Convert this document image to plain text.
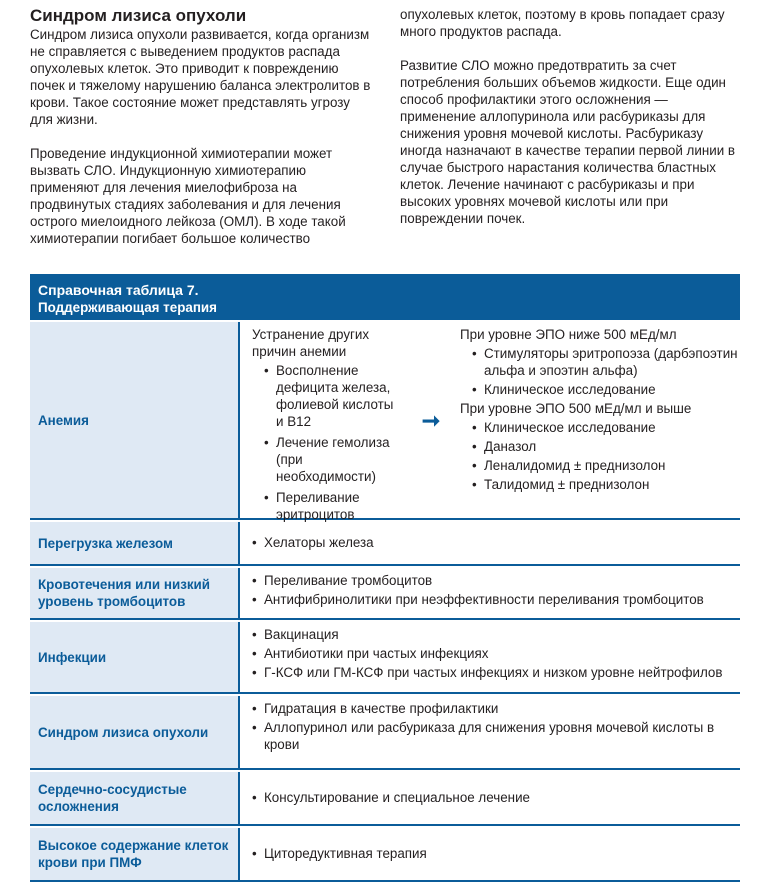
Синдром лизиса опухоли

Синдром лизиса опухоли развивается, когда организм не справляется с выведением продуктов распада опухолевых клеток. Это приводит к повреждению почек и тяжелому нарушению баланса электролитов в крови. Такое состояние может представлять угрозу для жизни.

Проведение индукционной химиотерапии может вызвать СЛО. Индукционную химиотерапию применяют для лечения миелофиброза на продвинутых стадиях заболевания и для лечения острого миелоидного лейкоза (ОМЛ). В ходе такой химиотерапии погибает большое количество

опухолевых клеток, поэтому в кровь попадает сразу много продуктов распада.

Развитие СЛО можно предотвратить за счет потребления больших объемов жидкости. Еще один способ профилактики этого осложнения — применение аллопуринола или расбуриказы для снижения уровня мочевой кислоты. Расбуриказу иногда назначают в качестве терапии первой линии в случае быстрого нарастания количества бластных клеток. Лечение начинают с расбуриказы и при высоких уровнях мочевой кислоты или при повреждении почек.

Справочная таблица 7.
Поддерживающая терапия
Анемия
Устранение других причин анемии
• Восполнение дефицита железа, фолиевой кислоты и B12
• Лечение гемолиза (при необходимости)
• Переливание эритроцитов
➞
При уровне ЭПО ниже 500 мЕд/мл
• Стимуляторы эритропоэза (дарбэпоэтин альфа и эпоэтин альфа)
• Клиническое исследование
При уровне ЭПО 500 мЕд/мл и выше
• Клиническое исследование
• Даназол
• Леналидомид ± преднизолон
• Талидомид ± преднизолон
Перегрузка железом
•	Хелаторы железа
Кровотечения или низкий уровень тромбоцитов
• Переливание тромбоцитов
• Антифибринолитики при неэффективности переливания тромбоцитов
Инфекции
• Вакцинация
• Антибиотики при частых инфекциях
• Г-КСФ или ГМ-КСФ при частых инфекциях и низком уровне нейтрофилов
Синдром лизиса опухоли
• Гидратация в качестве профилактики
• Аллопуринол или расбуриказа для снижения уровня мочевой кислоты в крови
Сердечно-сосудистые осложнения
• Консультирование и специальное лечение
Высокое содержание клеток крови при ПМФ
• Циторедуктивная терапия
